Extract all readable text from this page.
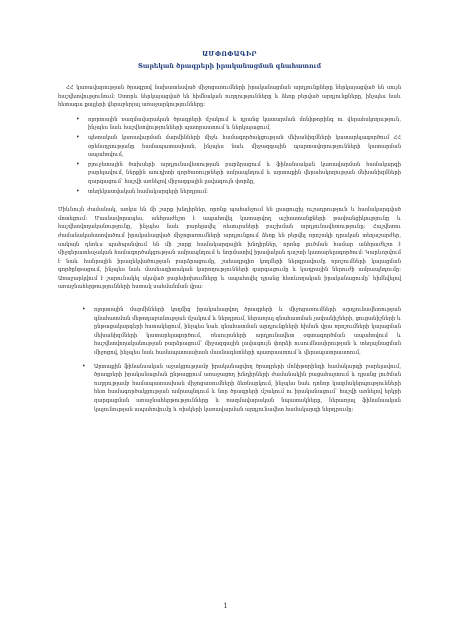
ԱՄՓՈՓԱԳԻՐ
Տարեկան ծրագրերի իրականացման գնահատում

ՀՀ կառավարության ծրագրով նախատեսված միջոցառումների իրականացման արդյունքները ներկայացված են սույն հաշվետվությունում: Ստորև ներկայացված են հիմնական ուղղությունները և ձեռք բերված արդյունքները, ինչպես նաև հետագա քայլերի վերաբերյալ առաջարկությունները:

• ոլորտային ռազմավարական ծրագրերի մշակում և դրանց կատարման մոնիթորինգ ու վերահսկողություն, ինչպես նաև հաշվետվությունների պատրաստում և ներկայացում,
• պետական կառավարման մարմինների միջև համագործակցության մեխանիզմների կատարելագործում ՀՀ օրենսդրությանը համապատասխան, ինչպես նաև միջազգային պարտավորությունների կատարման ապահովում,
• բյուջետային ծախսերի արդյունավետության բարձրացում և ֆինանսական կառավարման համակարգի բարելավում, ներքին աուդիտի գործառույթների ամրապնդում և արտաքին վերահսկողության մեխանիզմների զարգացում՝ հաշվի առնելով միջազգային լավագույն փորձը,
• տեղեկատվական համակարգերի ներդրում:

Միևնույն ժամանակ, առկա են մի շարք խնդիրներ, որոնք պահանջում են լրացուցիչ ուշադրություն և համակարգված մոտեցում: Մասնավորապես, անհրաժեշտ է ապահովել կատարվող աշխատանքների թափանցիկությունը և հաշվետվողականությունը, ինչպես նաև բարելավել ռեսուրսների բաշխման արդյունավետությունը: Հաշվետու ժամանակահատվածում իրականացված միջոցառումների արդյունքում ձեռք են բերվել որոշակի դրական տեղաշարժեր, սակայն դեռևս պահպանվում են մի շարք համակարգային խնդիրներ, որոնց լուծման համար անհրաժեշտ է միջգերատեսչական համագործակցության ամրապնդում և նորմատիվ իրավական դաշտի կատարելագործում: Կարևորվում է նաև հանրային իրազեկվածության բարձրացումը, շահագրգիռ կողմերի ներգրավումը որոշումների կայացման գործընթացում, ինչպես նաև մասնագիտական կարողությունների զարգացումը և կադրային ներուժի ամրապնդումը: Առաջարկվում է շարունակել սկսված բարեփոխումները և ապահովել դրանց հետևողական իրականացումը՝ հիմնվելով առաջնահերթությունների հստակ սահմանման վրա:

• ոլորտային մարմինների կողմից իրականացվող ծրագրերի և միջոցառումների արդյունավետության գնահատման մեթոդաբանության մշակում և ներդրում, ներառյալ գնահատման չափանիշների, ցուցանիշների և ընթացակարգերի հստակեցում, ինչպես նաև գնահատման արդյունքների հիման վրա որոշումների կայացման մեխանիզմների կատարելագործում, ռեսուրսների արդյունավետ օգտագործման ապահովում և հաշվետվողականության բարձրացում՝ միջազգային լավագույն փորձի ուսումնասիրության և տեղայնացման միջոցով, ինչպես նաև համապատասխան մասնագետների պատրաստում և վերապատրաստում,
• Արտաքին ֆինանսական աջակցությամբ իրականացվող ծրագրերի մոնիթորինգի համակարգի բարելավում, ծրագրերի իրականացման ընթացքում առաջացող խնդիրների ժամանակին բացահայտում և դրանց լուծման ուղղությամբ համապատասխան միջոցառումների ձեռնարկում, ինչպես նաև դոնոր կազմակերպությունների հետ համագործակցության ամրապնդում և նոր ծրագրերի մշակում ու իրականացում՝ հաշվի առնելով երկրի զարգացման առաջնահերթությունները և ռազմավարական նպատակները, ներառյալ ֆինանսական կայունության ապահովումը և ռիսկերի կառավարման արդյունավետ համակարգի ներդրումը:
1
